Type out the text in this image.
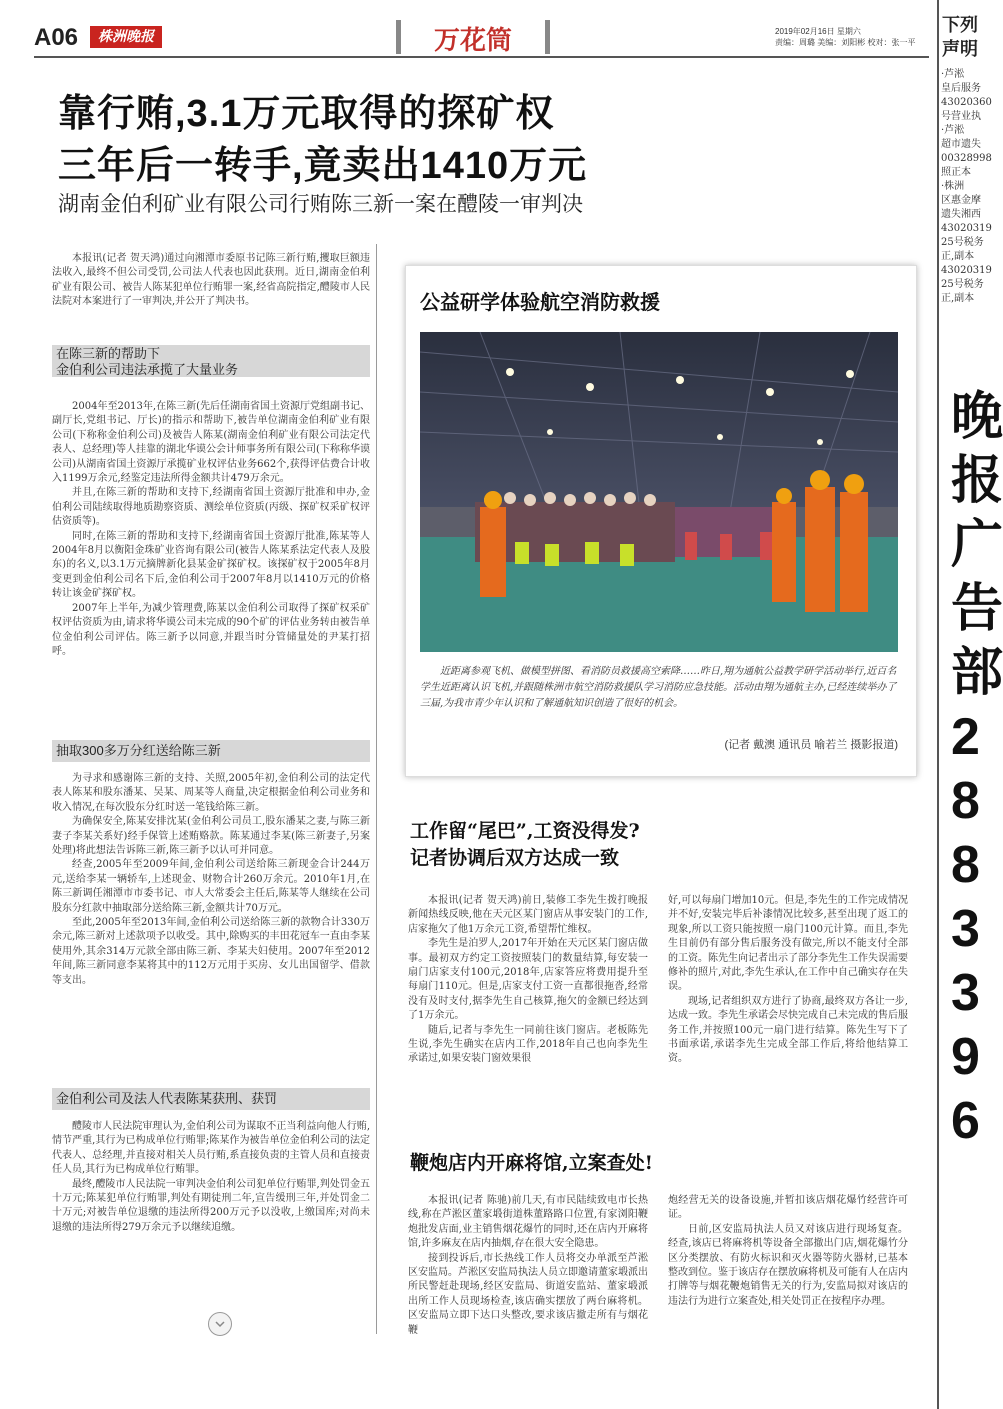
A06	株洲晚报	万花筒	2019年02月16日 星期六
责编：周璐 美编：刘阳彬 校对：张一平
靠行贿,3.1万元取得的探矿权
三年后一转手,竟卖出1410万元
湖南金伯利矿业有限公司行贿陈三新一案在醴陵一审判决

本报讯(记者 贺天鸿)通过向湘潭市委原书记陈三新行贿,攫取巨额违法收入,最终不但公司受罚,公司法人代表也因此获刑。近日,湖南金伯利矿业有限公司、被告人陈某犯单位行贿罪一案,经省高院指定,醴陵市人民法院对本案进行了一审判决,并公开了判决书。

在陈三新的帮助下
金伯利公司违法承揽了大量业务

2004年至2013年,在陈三新(先后任湖南省国土资源厅党组副书记、副厅长,党组书记、厅长)的指示和帮助下,被告单位湖南金伯利矿业有限公司(下称称金伯利公司)及被告人陈某(湖南金伯利矿业有限公司法定代表人、总经理)等人挂靠的湖北华谟公会计师事务所有限公司(下称称华谟公司)从湖南省国土资源厅承揽矿业权评估业务662个,获得评估费合计收入1199万余元,经鉴定违法所得金额共计479万余元。

并且,在陈三新的帮助和支持下,经湖南省国土资源厅批准和申办,金伯利公司陆续取得地质勘察资质、测绘单位资质(丙级、探矿权采矿权评估资质等)。

同时,在陈三新的帮助和支持下,经湖南省国土资源厅批准,陈某等人2004年8月以衡阳金珠矿业咨询有限公司(被告人陈某系法定代表人及股东)的名义,以3.1万元摘牌新化县某金矿探矿权。该探矿权于2005年8月变更到金伯利公司名下后,金伯利公司于2007年8月以1410万元的价格转让该金矿探矿权。

2007年上半年,为减少管理费,陈某以金伯利公司取得了探矿权采矿权评估资质为由,请求将华谟公司未完成的90个矿的评估业务转由被告单位金伯利公司评估。陈三新予以同意,并跟当时分管储量处的尹某打招呼。

抽取300多万分红送给陈三新

为寻求和感谢陈三新的支持、关照,2005年初,金伯利公司的法定代表人陈某和股东潘某、吴某、周某等人商量,决定根据金伯利公司业务和收入情况,在每次股东分红时送一笔钱给陈三新。

为确保安全,陈某安排沈某(金伯利公司员工,股东潘某之妻,与陈三新妻子李某关系好)经手保管上述贿赂款。陈某通过李某(陈三新妻子,另案处理)将此想法告诉陈三新,陈三新予以认可并同意。

经查,2005年至2009年间,金伯利公司送给陈三新现金合计244万元,送给李某一辆轿车,上述现金、财物合计260万余元。2010年1月,在陈三新调任湘潭市市委书记、市人大常委会主任后,陈某等人继续在公司股东分红款中抽取部分送给陈三新,金额共计70万元。

至此,2005年至2013年间,金伯利公司送给陈三新的款物合计330万余元,陈三新对上述款项予以收受。其中,除购买的丰田花冠车一直由李某使用外,其余314万元款全部由陈三新、李某夫妇使用。2007年至2012年间,陈三新同意李某将其中的112万元用于买房、女儿出国留学、借款等支出。

金伯利公司及法人代表陈某获刑、获罚

醴陵市人民法院审理认为,金伯利公司为谋取不正当利益向他人行贿,情节严重,其行为已构成单位行贿罪;陈某作为被告单位金伯利公司的法定代表人、总经理,并直接对相关人员行贿,系直接负责的主管人员和直接责任人员,其行为已构成单位行贿罪。

最终,醴陵市人民法院一审判决金伯利公司犯单位行贿罪,判处罚金五十万元;陈某犯单位行贿罪,判处有期徒刑二年,宣告缓刑三年,并处罚金二十万元;对被告单位退缴的违法所得200万元予以没收,上缴国库;对尚未退缴的违法所得279万余元予以继续追缴。

公益研学体验航空消防救援
近距离参观飞机、做模型拼图、看消防员救援高空索降……昨日,翔为通航公益教学研学活动举行,近百名学生近距离认识飞机,并跟随株洲市航空消防救援队学习消防应急技能。活动由翔为通航主办,已经连续举办了三届,为我市青少年认识和了解通航知识创造了很好的机会。
(记者 戴澳 通讯员 喻若兰 摄影报道)
工作留“尾巴”,工资没得发?
记者协调后双方达成一致

本报讯(记者 贺天鸿)前日,装修工李先生拨打晚报新闻热线反映,他在天元区某门窗店从事安装门的工作,店家拖欠了他1万余元工资,希望帮忙维权。

李先生是泊罗人,2017年开始在天元区某门窗店做事。最初双方约定工资按照装门的数量结算,每安装一扇门店家支付100元,2018年,店家答应将费用提升至每扇门110元。但是,店家支付工资一直都很拖沓,经常没有及时支付,据李先生自己核算,拖欠的金额已经达到了1万余元。

随后,记者与李先生一同前往该门窗店。老板陈先生说,李先生确实在店内工作,2018年自己也向李先生承诺过,如果安装门窗效果很

好,可以每扇门增加10元。但是,李先生的工作完成情况并不好,安装完毕后补漆情况比较多,甚至出现了返工的现象,所以工资只能按照一扇门100元计算。而且,李先生目前仍有部分售后服务没有做完,所以不能支付全部的工资。陈先生向记者出示了部分李先生工作失误需要修补的照片,对此,李先生承认,在工作中自己确实存在失误。

现场,记者组织双方进行了协商,最终双方各让一步,达成一致。李先生承诺会尽快完成自己未完成的售后服务工作,并按照100元一扇门进行结算。陈先生写下了书面承诺,承诺李先生完成全部工作后,将给他结算工资。

鞭炮店内开麻将馆,立案查处!

本报讯(记者 陈驰)前几天,有市民陆续致电市长热线,称在芦淞区董家塅街道株董路路口位置,有家浏阳鞭炮批发店面,业主销售烟花爆竹的同时,还在店内开麻将馆,许多麻友在店内抽烟,存在很大安全隐患。

接到投诉后,市长热线工作人员将交办单派至芦淞区安监局。芦淞区安监局执法人员立即邀请董家塅派出所民警赶赴现场,经区安监局、街道安监站、董家塅派出所工作人员现场检查,该店确实摆放了两台麻将机。区安监局立即下达口头整改,要求该店撤走所有与烟花鞭

炮经营无关的设备设施,并暂扣该店烟花爆竹经营许可证。

日前,区安监局执法人员又对该店进行现场复查。经查,该店已将麻将机等设备全部撤出门店,烟花爆竹分区分类摆放、有防火标识和灭火器等防火器材,已基本整改到位。鉴于该店存在摆放麻将机及可能有人在店内打牌等与烟花鞭炮销售无关的行为,安监局拟对该店的违法行为进行立案查处,相关处罚正在按程序办理。

下列
声明
·芦淞
皇后服务
43020360
号营业执
·芦淞
超市遗失
00328998
照正本
·株洲
区惠金摩
遗失湘西
43020319
25号税务
正,副本
43020319
25号税务
正,副本
晚
报
广
告
部
2
8
8
3
3
9
6
